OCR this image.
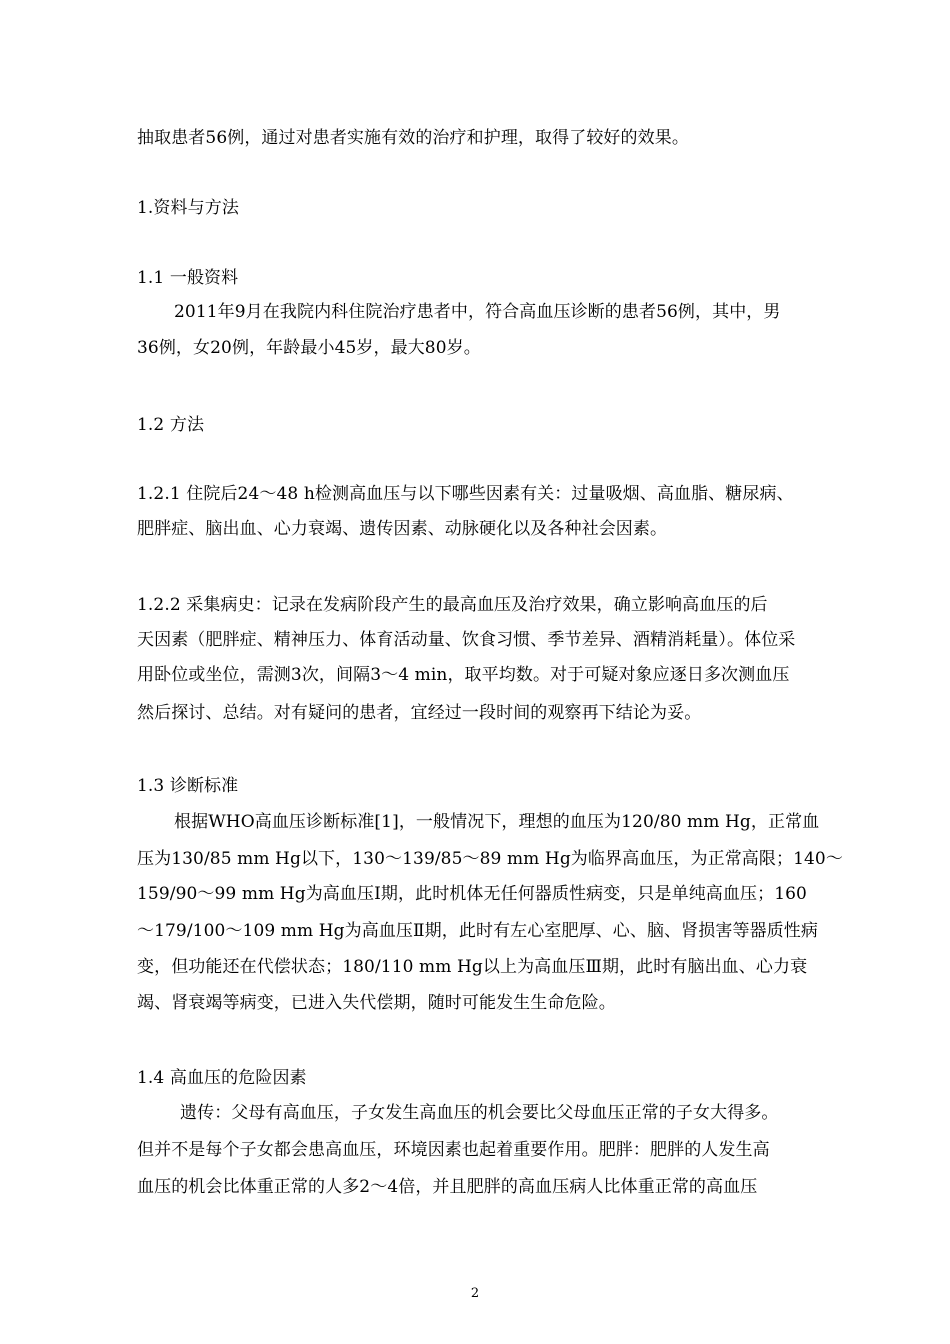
抽取患者56例，通过对患者实施有效的治疗和护理，取得了较好的效果。
1.资料与方法
1.1 一般资料
2011年9月在我院内科住院治疗患者中，符合高血压诊断的患者56例，其中，男
36例，女20例，年龄最小45岁，最大80岁。
1.2 方法
1.2.1 住院后24～48 h检测高血压与以下哪些因素有关：过量吸烟、高血脂、糖尿病、
肥胖症、脑出血、心力衰竭、遗传因素、动脉硬化以及各种社会因素。
1.2.2 采集病史：记录在发病阶段产生的最高血压及治疗效果，确立影响高血压的后
天因素（肥胖症、精神压力、体育活动量、饮食习惯、季节差异、酒精消耗量）。体位采
用卧位或坐位，需测3次，间隔3～4 min，取平均数。对于可疑对象应逐日多次测血压
然后探讨、总结。对有疑问的患者，宜经过一段时间的观察再下结论为妥。
1.3 诊断标准
根据WHO高血压诊断标准[1]，一般情况下，理想的血压为120/80 mm Hg，正常血
压为130/85 mm Hg以下，130～139/85～89 mm Hg为临界高血压，为正常高限；140～
159/90～99 mm Hg为高血压Ⅰ期，此时机体无任何器质性病变，只是单纯高血压；160
～179/100～109 mm Hg为高血压Ⅱ期，此时有左心室肥厚、心、脑、肾损害等器质性病
变，但功能还在代偿状态；180/110 mm Hg以上为高血压Ⅲ期，此时有脑出血、心力衰
竭、肾衰竭等病变，已进入失代偿期，随时可能发生生命危险。
1.4 高血压的危险因素
遗传：父母有高血压，子女发生高血压的机会要比父母血压正常的子女大得多。
但并不是每个子女都会患高血压，环境因素也起着重要作用。肥胖：肥胖的人发生高
血压的机会比体重正常的人多2～4倍，并且肥胖的高血压病人比体重正常的高血压
2
